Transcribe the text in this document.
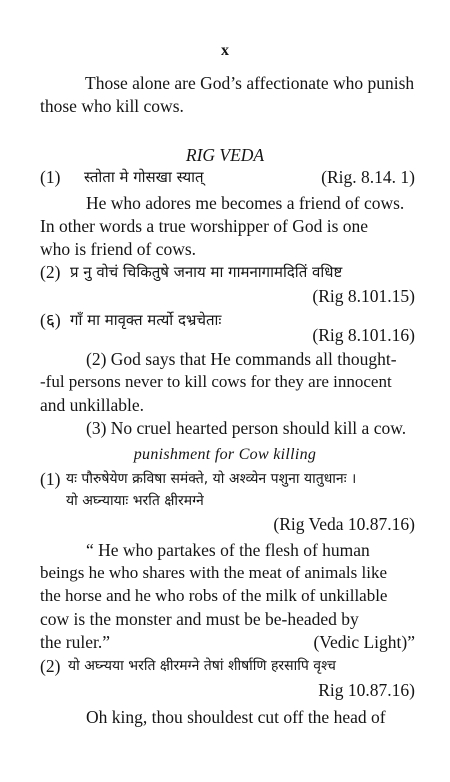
x
Those alone are God’s affectionate who punish
those who kill cows.
RIG VEDA
(1) स्तोता मे गोसखा स्यात्	(Rig. 8.14. 1)
He who adores me becomes a friend of cows.
In other words a true worshipper of God is one
who is friend of cows.
(2) प्र नु वोचं चिकितुषे जनाय मा गामनागामदितिं वधिष्ट
(Rig 8.101.15)
(६) गाँ मा मावृक्त मर्त्यो दभ्रचेताः
(Rig 8.101.16)
(2) God says that He commands all thought-
-ful persons never to kill cows for they are innocent
and unkillable.
(3) No cruel hearted person should kill a cow.
punishment for Cow killing
(1) यः पौरुषेयेण क्रविषा समंक्ते, यो अश्व्येन पशुना यातुधानः ।
यो अघ्न्यायाः भरति क्षीरमग्ने
(Rig Veda 10.87.16)
“ He who partakes of the flesh of human
beings he who shares with the meat of animals like
the horse and he who robs of the milk of unkillable
cow is the monster and must be be-headed by
the ruler.”	(Vedic Light)”
(2) यो अघ्न्यया भरति क्षीरमग्ने तेषां शीर्षाणि हरसापि वृश्च
Rig 10.87.16)
Oh king, thou shouldest cut off the head of
